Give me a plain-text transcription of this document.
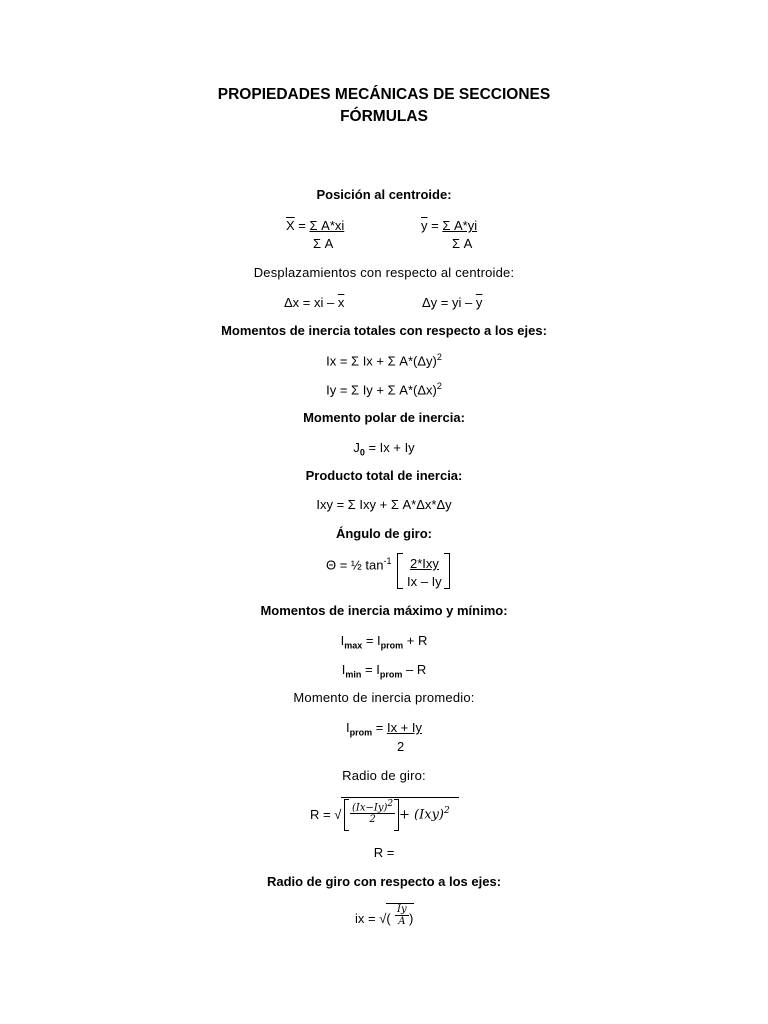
PROPIEDADES MECÁNICAS DE SECCIONES
FÓRMULAS
Posición al centroide:
$\overline{X} = \Sigma$ A*xi
Σ A
$\overline{y} = \Sigma$ A*yi
Σ A
Desplazamientos con respecto al centroide:
Δx = xi – $\overline{x}$	Δy = yi – $\overline{y}$
Momentos de inercia totales con respecto a los ejes:
Ix = Σ Ix + Σ $A*(\Delta y)^2$
Iy = Σ Iy + Σ $A*(\Delta x)^2$
Momento polar de inercia:
$J_0 = Ix + Iy$
Producto total de inercia:
Ixy = Σ Ixy + Σ A*Δx*Δy
Ángulo de giro:
Θ = ½ $\tan^{-1} 2*Ixy$
Ix – Iy
Momentos de inercia máximo y mínimo:
$I_{max} = I_{prom} + R$
$I_{min} = I_{prom} - R$
Momento de inercia promedio:
$I_{prom} = Ix + Iy$
2
Radio de giro:
R = √ $\frac{(Ix-Iy)^2}{2} + (Ixy)^2$
R =
Radio de giro con respecto a los ejes:
ix = √( $\frac{Iy}{A}$ )
